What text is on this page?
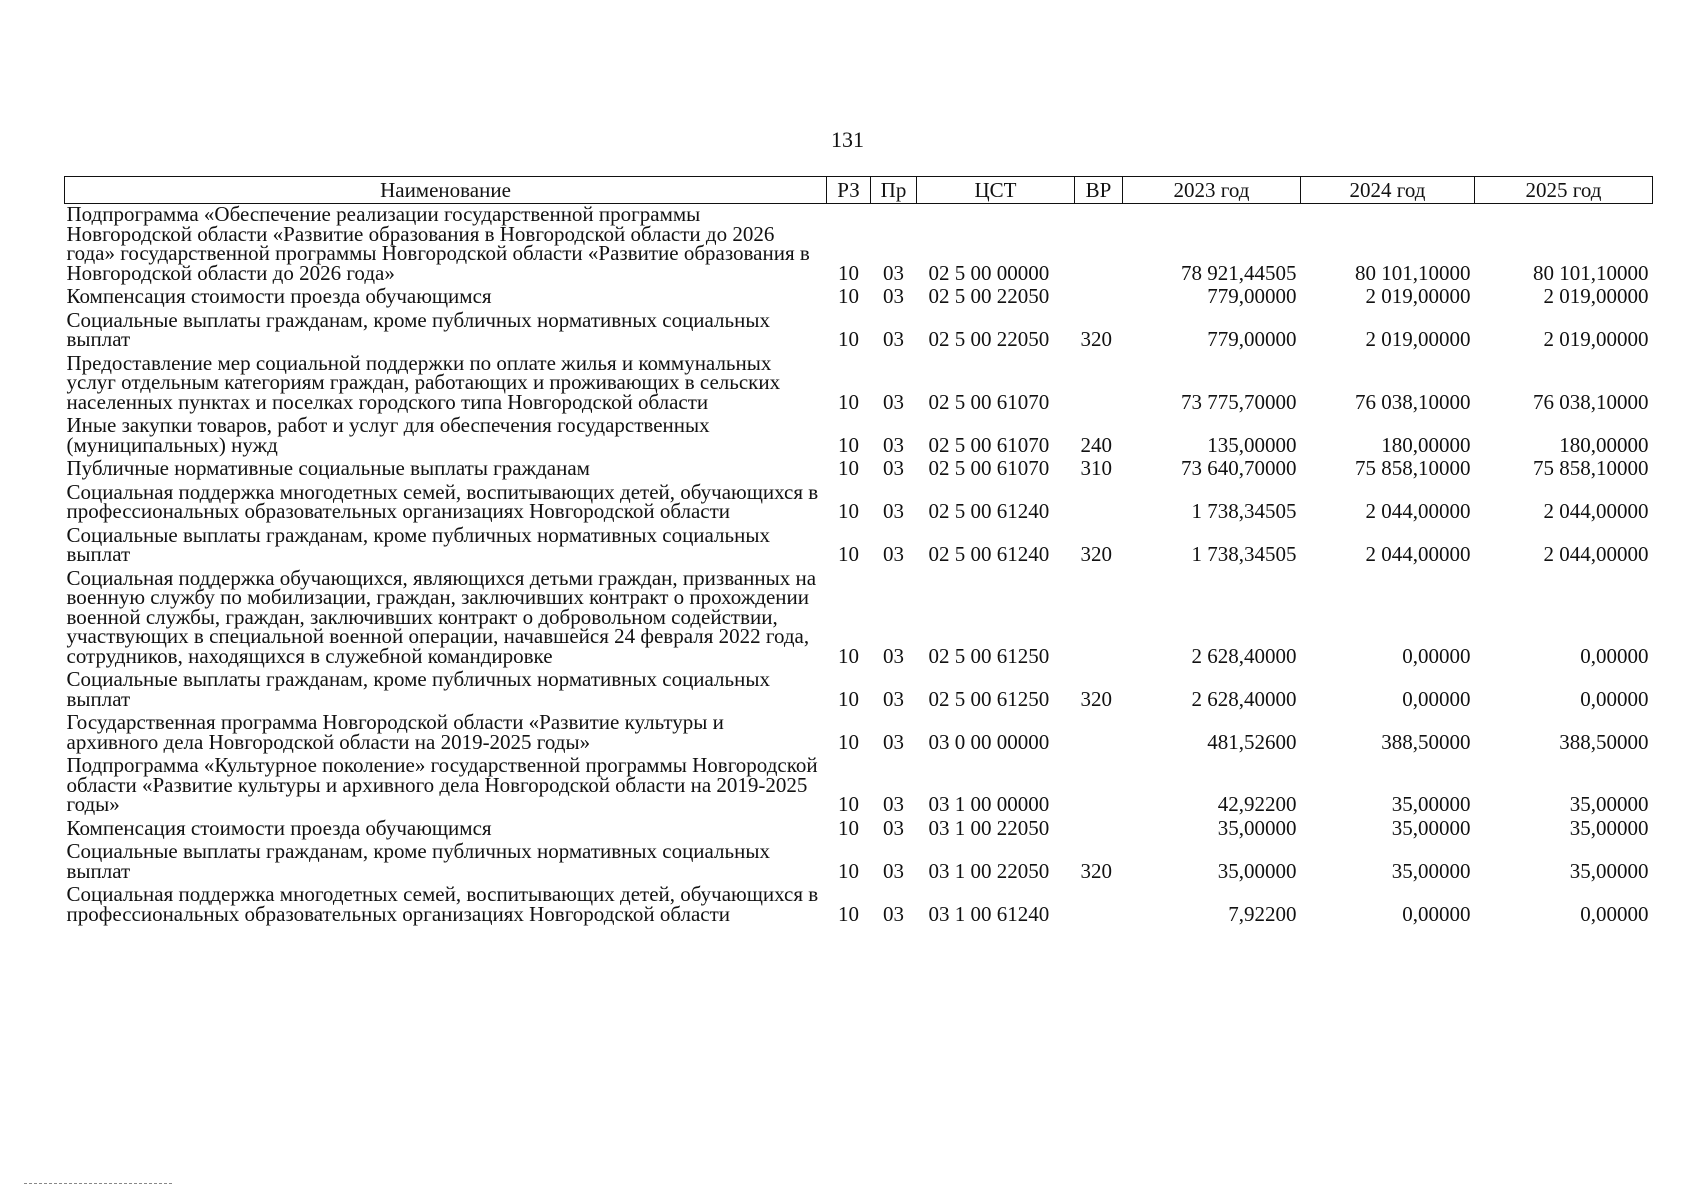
131
Наименование	РЗ	Пр	ЦСТ	ВР	2023 год	2024 год	2025 год
Подпрограмма «Обеспечение реализации государственной программы Новгородской области «Развитие образования в Новгородской области до 2026 года» государственной программы Новгородской области «Развитие образования в Новгородской области до 2026 года»	10	03	02 5 00 00000		78 921,44505	80 101,10000	80 101,10000
Компенсация стоимости проезда обучающимся	10	03	02 5 00 22050		779,00000	2 019,00000	2 019,00000
Социальные выплаты гражданам, кроме публичных нормативных социальных выплат	10	03	02 5 00 22050	320	779,00000	2 019,00000	2 019,00000
Предоставление мер социальной поддержки по оплате жилья и коммунальных услуг отдельным категориям граждан, работающих и проживающих в сельских населенных пунктах и поселках городского типа Новгородской области	10	03	02 5 00 61070		73 775,70000	76 038,10000	76 038,10000
Иные закупки товаров, работ и услуг для обеспечения государственных (муниципальных) нужд	10	03	02 5 00 61070	240	135,00000	180,00000	180,00000
Публичные нормативные социальные выплаты гражданам	10	03	02 5 00 61070	310	73 640,70000	75 858,10000	75 858,10000
Социальная поддержка многодетных семей, воспитывающих детей, обучающихся в профессиональных образовательных организациях Новгородской области	10	03	02 5 00 61240		1 738,34505	2 044,00000	2 044,00000
Социальные выплаты гражданам, кроме публичных нормативных социальных выплат	10	03	02 5 00 61240	320	1 738,34505	2 044,00000	2 044,00000
Социальная поддержка обучающихся, являющихся детьми граждан, призванных на военную службу по мобилизации, граждан, заключивших контракт о прохождении военной службы, граждан, заключивших контракт о добровольном содействии, участвующих в специальной военной операции, начавшейся 24 февраля 2022 года, сотрудников, находящихся в служебной командировке	10	03	02 5 00 61250		2 628,40000	0,00000	0,00000
Социальные выплаты гражданам, кроме публичных нормативных социальных выплат	10	03	02 5 00 61250	320	2 628,40000	0,00000	0,00000
Государственная программа Новгородской области «Развитие культуры и архивного дела Новгородской области на 2019-2025 годы»	10	03	03 0 00 00000		481,52600	388,50000	388,50000
Подпрограмма «Культурное поколение» государственной программы Новгородской области «Развитие культуры и архивного дела Новгородской области на 2019-2025 годы»	10	03	03 1 00 00000		42,92200	35,00000	35,00000
Компенсация стоимости проезда обучающимся	10	03	03 1 00 22050		35,00000	35,00000	35,00000
Социальные выплаты гражданам, кроме публичных нормативных социальных выплат	10	03	03 1 00 22050	320	35,00000	35,00000	35,00000
Социальная поддержка многодетных семей, воспитывающих детей, обучающихся в профессиональных образовательных организациях Новгородской области	10	03	03 1 00 61240		7,92200	0,00000	0,00000
